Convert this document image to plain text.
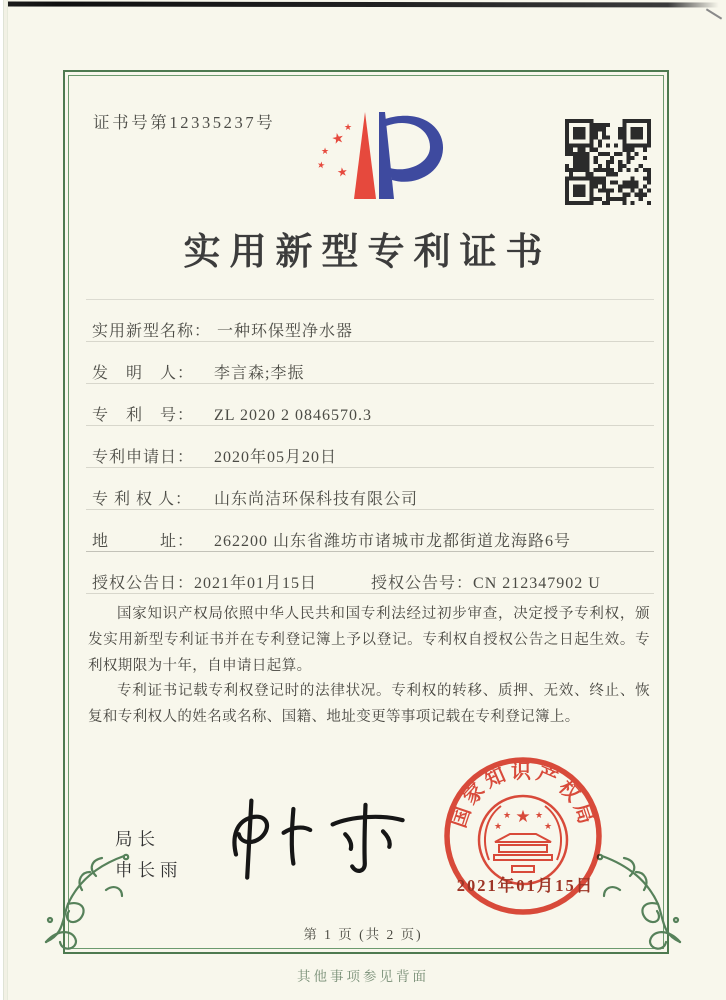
证书号第12335237号	★
★
★
★ ★
实用新型专利证书
实用新型名称： 一种环保型净水器
发　明　人： 李言森;李振
专　利　号： ZL 2020 2 0846570.3
专利申请日： 2020年05月20日
专 利 权 人： 山东尚洁环保科技有限公司
地　　　址： 262200 山东省潍坊市诸城市龙都街道龙海路6号
授权公告日：2021年01月15日	授权公告号：CN 212347902 U

国家知识产权局依照中华人民共和国专利法经过初步审查，决定授予专利权，颁发实用新型专利证书并在专利登记簿上予以登记。专利权自授权公告之日起生效。专利权期限为十年，自申请日起算。

专利证书记载专利权登记时的法律状况。专利权的转移、质押、无效、终止、恢复和专利权人的姓名或名称、国籍、地址变更等事项记载在专利登记簿上。

局长
申长雨
国家知识产权局
★
★	★
★	★
2021年01月15日
第 1 页 (共 2 页)
其他事项参见背面
